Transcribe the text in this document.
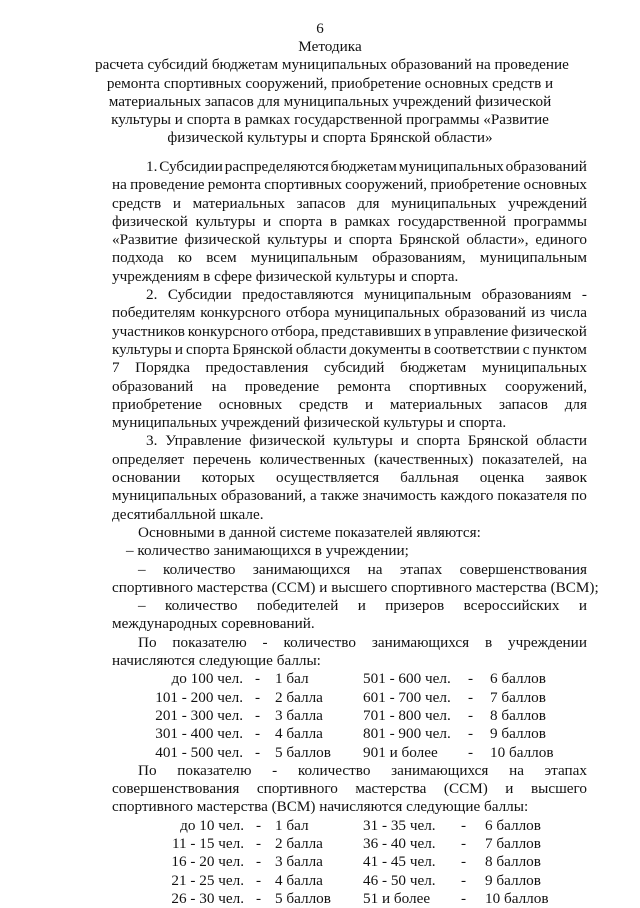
6
Методика
расчета субсидий бюджетам муниципальных образований на проведение
ремонта спортивных сооружений, приобретение основных средств и
материальных запасов для муниципальных учреждений физической
культуры и спорта в рамках государственной программы «Развитие
физической культуры и спорта Брянской области»
1. Субсидии распределяются бюджетам муниципальных образований
на проведение ремонта спортивных сооружений, приобретение основных
средств и материальных запасов для муниципальных учреждений
физической культуры и спорта в рамках государственной программы
«Развитие физической культуры и спорта Брянской области», единого
подхода ко всем муниципальным образованиям, муниципальным
учреждениям в сфере физической культуры и спорта.
2. Субсидии предоставляются муниципальным образованиям -
победителям конкурсного отбора муниципальных образований из числа
участников конкурсного отбора, представивших в управление физической
культуры и спорта Брянской области документы в соответствии с пунктом
7 Порядка предоставления субсидий бюджетам муниципальных
образований на проведение ремонта спортивных сооружений,
приобретение основных средств и материальных запасов для
муниципальных учреждений физической культуры и спорта.
3. Управление физической культуры и спорта Брянской области
определяет перечень количественных (качественных) показателей, на
основании которых осуществляется балльная оценка заявок
муниципальных образований, а также значимость каждого показателя по
десятибалльной шкале.
Основными в данной системе показателей являются:
– количество занимающихся в учреждении;
– количество занимающихся на этапах совершенствования
спортивного мастерства (ССМ) и высшего спортивного мастерства (ВСМ);
– количество победителей и призеров всероссийских и
международных соревнований.
По показателю - количество занимающихся в учреждении
начисляются следующие баллы:
до 100 чел. - 1 бал	501 - 600 чел. - 6 баллов
101 - 200 чел. - 2 балла	601 - 700 чел. - 7 баллов
201 - 300 чел. - 3 балла	701 - 800 чел. - 8 баллов
301 - 400 чел. - 4 балла	801 - 900 чел. - 9 баллов
401 - 500 чел. - 5 баллов 901 и более - 10 баллов
По показателю - количество занимающихся на этапах
совершенствования спортивного мастерства (ССМ) и высшего
спортивного мастерства (ВСМ) начисляются следующие баллы:
до 10 чел. - 1 бал	31 - 35 чел. - 6 баллов
11 - 15 чел. - 2 балла	36 - 40 чел. - 7 баллов
16 - 20 чел. - 3 балла	41 - 45 чел. - 8 баллов
21 - 25 чел. - 4 балла	46 - 50 чел. - 9 баллов
26 - 30 чел. - 5 баллов 51 и более - 10 баллов
